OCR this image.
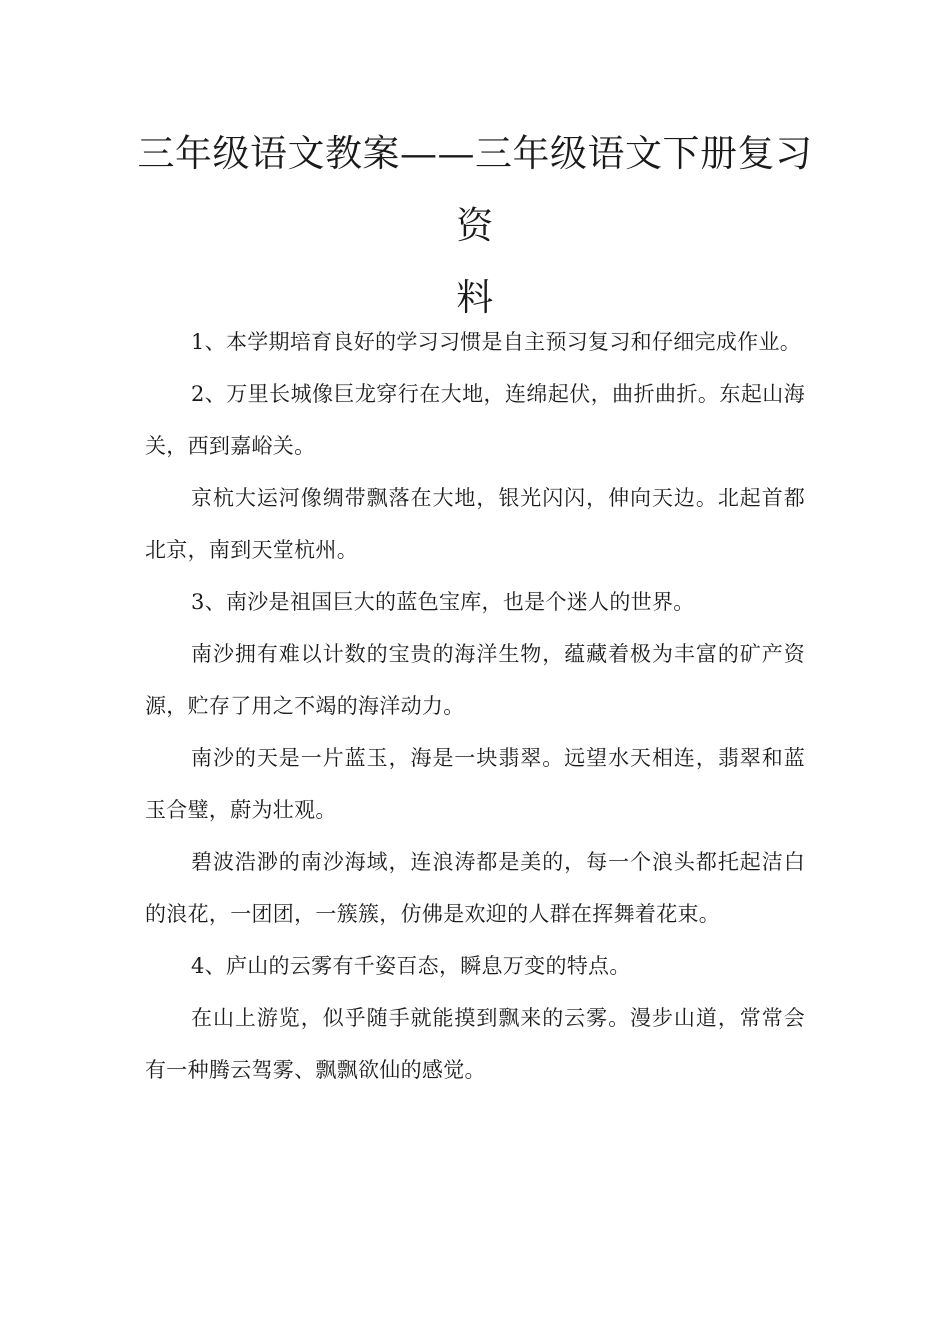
三年级语文教案——三年级语文下册复习资
料

1、本学期培育良好的学习习惯是自主预习复习和仔细完成作业。

2、万里长城像巨龙穿行在大地，连绵起伏，曲折曲折。东起山海关，西到嘉峪关。

京杭大运河像绸带飘落在大地，银光闪闪，伸向天边。北起首都北京，南到天堂杭州。

3、南沙是祖国巨大的蓝色宝库，也是个迷人的世界。

南沙拥有难以计数的宝贵的海洋生物，蕴藏着极为丰富的矿产资源，贮存了用之不竭的海洋动力。

南沙的天是一片蓝玉，海是一块翡翠。远望水天相连，翡翠和蓝玉合璧，蔚为壮观。

碧波浩渺的南沙海域，连浪涛都是美的，每一个浪头都托起洁白的浪花，一团团，一簇簇，仿佛是欢迎的人群在挥舞着花束。

4、庐山的云雾有千姿百态，瞬息万变的特点。

在山上游览，似乎随手就能摸到飘来的云雾。漫步山道，常常会有一种腾云驾雾、飘飘欲仙的感觉。
